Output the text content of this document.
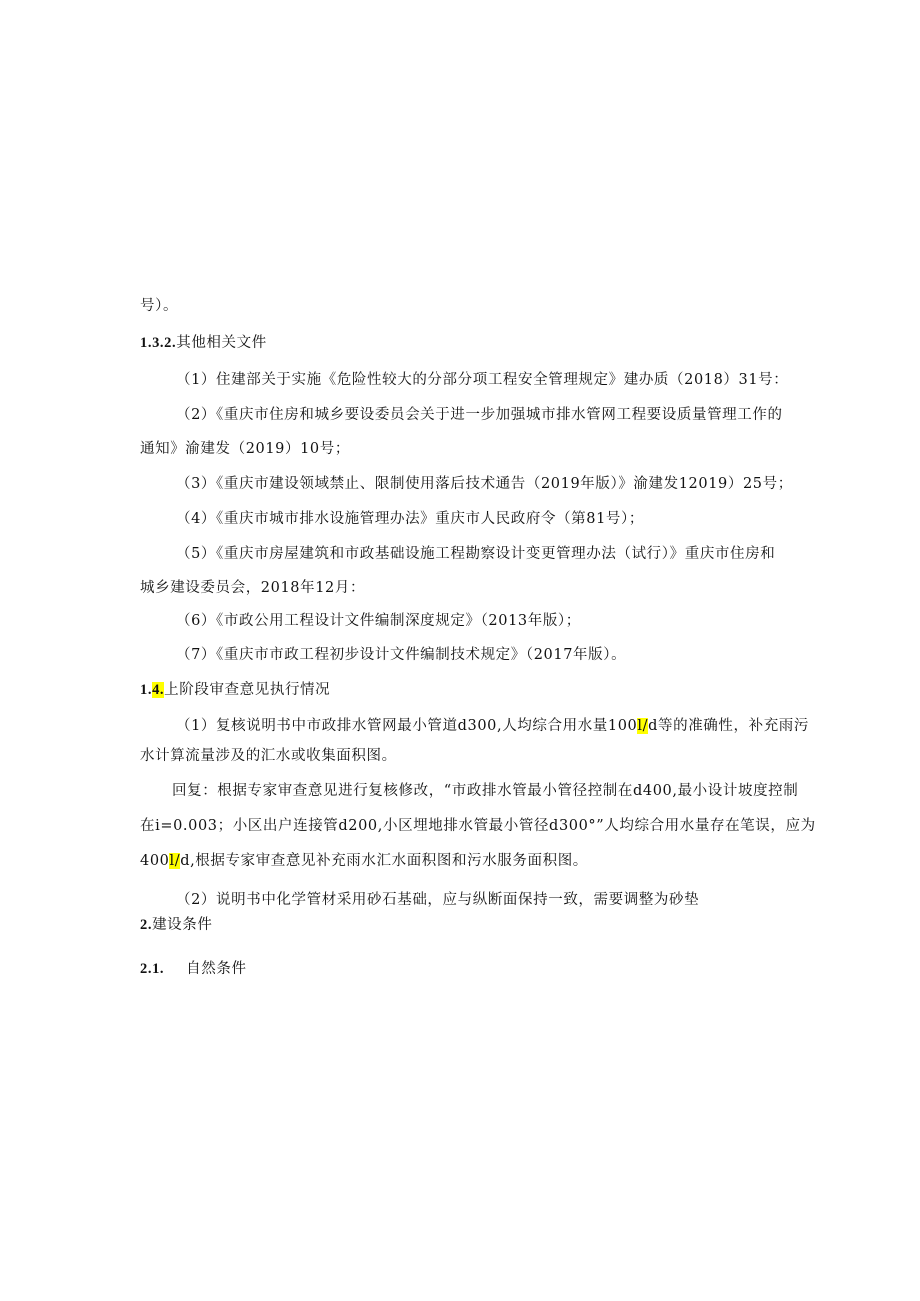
号）。
1.3.2.其他相关文件
（1）住建部关于实施《危险性较大的分部分项工程安全管理规定》建办质（2018）31号：
（2）《重庆市住房和城乡要设委员会关于进一步加强城市排水管网工程要设质量管理工作的
通知》渝建发（2019）10号；
（3）《重庆市建设领域禁止、限制使用落后技术通告（2019年版）》渝建发12019）25号；
（4）《重庆市城市排水设施管理办法》重庆市人民政府令（第81号）；
（5）《重庆市房屋建筑和市政基础设施工程勘察设计变更管理办法（试行）》重庆市住房和
城乡建设委员会，2018年12月：
（6）《市政公用工程设计文件编制深度规定》（2013年版）；
（7）《重庆市市政工程初步设计文件编制技术规定》（2017年版）。
1.4.上阶段审查意见执行情况
（1）复核说明书中市政排水管网最小管道d300,人均综合用水量100l/d等的准确性，补充雨污
水计算流量涉及的汇水或收集面积图。
回复：根据专家审查意见进行复核修改，“市政排水管最小管径控制在d400,最小设计坡度控制
在i=0.003；小区出户连接管d200,小区埋地排水管最小管径d300°”人均综合用水量存在笔误，应为
400l/d,根据专家审查意见补充雨水汇水面积图和污水服务面积图。
（2）说明书中化学管材采用砂石基础，应与纵断面保持一致，需要调整为砂垫
2.建设条件
2.1. 自然条件
